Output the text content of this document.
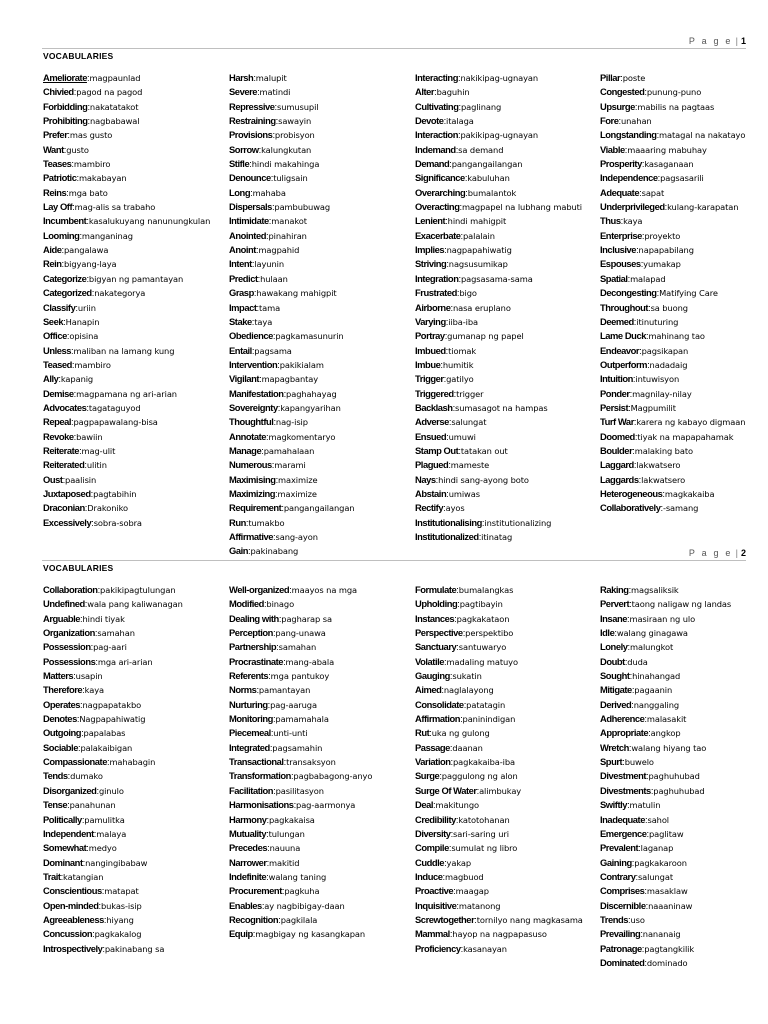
P a g e | 1
VOCABULARIES
Ameliorate:magpaunlad
Chivied:pagod na pagod
Forbidding:nakatatakot
Prohibiting:nagbabawal
Prefer:mas gusto
Want:gusto
Teases:mambiro
Patriotic:makabayan
Reins:mga bato
Lay Off:mag-alis sa trabaho
Incumbent:kasalukuyang nanunungkulan
Looming:manganinag
Aide:pangalawa
Rein:bigyang-laya
Categorize:bigyan ng pamantayan
Categorized:nakategorya
Classify:uriin
Seek:Hanapin
Office:opisina
Unless:maliban na lamang kung
Teased:mambiro
Ally:kapanig
Demise:magpamana ng ari-arian
Advocates:tagataguyod
Repeal:pagpapawalang-bisa
Revoke:bawiin
Reiterate:mag-ulit
Reiterated:ulitin
Oust:paalisin
Juxtaposed:pagtabihin
Draconian:Drakoniko
Excessively:sobra-sobra
Harsh:malupit
Severe:matindi
Repressive:sumusupil
Restraining:sawayin
Provisions:probisyon
Sorrow:kalungkutan
Stifle:hindi makahinga
Denounce:tuligsain
Long:mahaba
Dispersals:pambubuwag
Intimidate:manakot
Anointed:pinahiran
Anoint:magpahid
Intent:layunin
Predict:hulaan
Grasp:hawakang mahigpit
Impact:tama
Stake:taya
Obedience:pagkamasunurin
Entail:pagsama
Intervention:pakikialam
Vigilant:mapagbantay
Manifestation:paghahayag
Sovereignty:kapangyarihan
Thoughtful:nag-isip
Annotate:magkomentaryo
Manage:pamahalaan
Numerous:marami
Maximising:maximize
Maximizing:maximize
Requirement:pangangailangan
Run:tumakbo
Affirmative:sang-ayon
Gain:pakinabang
Interacting:nakikipag-ugnayan
Alter:baguhin
Cultivating:paglinang
Devote:italaga
Interaction:pakikipag-ugnayan
Indemand:sa demand
Demand:pangangailangan
Significance:kabuluhan
Overarching:bumalantok
Overacting:magpapel na lubhang mabuti
Lenient:hindi mahigpit
Exacerbate:palalain
Implies:nagpapahiwatig
Striving:nagsusumikap
Integration:pagsasama-sama
Frustrated:bigo
Airborne:nasa eruplano
Varying:iiba-iba
Portray:gumanap ng papel
Imbued:tiomak
Imbue:humitik
Trigger:gatilyo
Triggered:trigger
Backlash:sumasagot na hampas
Adverse:salungat
Ensued:umuwi
Stamp Out:tatakan out
Plagued:mameste
Nays:hindi sang-ayong boto
Abstain:umiwas
Rectify:ayos
Institutionalising:institutionalizing
Institutionalized:itinatag
Pillar:poste
Congested:punung-puno
Upsurge:mabilis na pagtaas
Fore:unahan
Longstanding:matagal na nakatayo
Viable:maaaring mabuhay
Prosperity:kasaganaan
Independence:pagsasarili
Adequate:sapat
Underprivileged:kulang-karapatan
Thus:kaya
Enterprise:proyekto
Inclusive:napapabilang
Espouses:yumakap
Spatial:malapad
Decongesting:Matifying Care
Throughout:sa buong
Deemed:itinuturing
Lame Duck:mahinang tao
Endeavor:pagsikapan
Outperform:nadadaig
Intuition:intuwisyon
Ponder:magnilay-nilay
Persist:Magpumilit
Turf War:karera ng kabayo digmaan
Doomed:tiyak na mapapahamak
Boulder:malaking bato
Laggard:lakwatsero
Laggards:lakwatsero
Heterogeneous:magkakaiba
Collaboratively:-samang
P a g e | 2
VOCABULARIES
Collaboration:pakikipagtulungan
Undefined:wala pang kaliwanagan
Arguable:hindi tiyak
Organization:samahan
Possession:pag-aari
Possessions:mga ari-arian
Matters:usapin
Therefore:kaya
Operates:nagpapatakbo
Denotes:Nagpapahiwatig
Outgoing:papalabas
Sociable:palakaibigan
Compassionate:mahabagin
Tends:dumako
Disorganized:ginulo
Tense:panahunan
Politically:pamulitka
Independent:malaya
Somewhat:medyo
Dominant:nangingibabaw
Trait:katangian
Conscientious:matapat
Open-minded:bukas-isip
Agreeableness:hiyang
Concussion:pagkakalog
Introspectively:pakinabang sa
Well-organized:maayos na mga
Modified:binago
Dealing with:pagharap sa
Perception:pang-unawa
Partnership:samahan
Procrastinate:mang-abala
Referents:mga pantukoy
Norms:pamantayan
Nurturing:pag-aaruga
Monitoring:pamamahala
Piecemeal:unti-unti
Integrated:pagsamahin
Transactional:transaksyon
Transformation:pagbabagong-anyo
Facilitation:pasilitasyon
Harmonisations:pag-aarmonya
Harmony:pagkakaisa
Mutuality:tulungan
Precedes:nauuna
Narrower:makitid
Indefinite:walang taning
Procurement:pagkuha
Enables:ay nagbibigay-daan
Recognition:pagkilala
Equip:magbigay ng kasangkapan
Formulate:bumalangkas
Upholding:pagtibayin
Instances:pagkakataon
Perspective:perspektibo
Sanctuary:santuwaryo
Volatile:madaling matuyo
Gauging:sukatin
Aimed:naglalayong
Consolidate:patatagin
Affirmation:paninindigan
Rut:uka ng gulong
Passage:daanan
Variation:pagkakaiba-iba
Surge:paggulong ng alon
Surge Of Water:alimbukay
Deal:makitungo
Credibility:katotohanan
Diversity:sari-saring uri
Compile:sumulat ng libro
Cuddle:yakap
Induce:magbuod
Proactive:maagap
Inquisitive:matanong
Screwtogether:tornilyo nang magkasama
Mammal:hayop na nagpapasuso
Proficiency:kasanayan
Raking:magsaliksik
Pervert:taong naligaw ng landas
Insane:masiraan ng ulo
Idle:walang ginagawa
Lonely:malungkot
Doubt:duda
Sought:hinahangad
Mitigate:pagaanin
Derived:nanggaling
Adherence:malasakit
Appropriate:angkop
Wretch:walang hiyang tao
Spurt:buwelo
Divestment:paghuhubad
Divestments:paghuhubad
Swiftly:matulin
Inadequate:sahol
Emergence:paglitaw
Prevalent:laganap
Gaining:pagkakaroon
Contrary:salungat
Comprises:masaklaw
Discernible:naaaninaw
Trends:uso
Prevailing:nananaig
Patronage:pagtangkilik
Dominated:dominado
